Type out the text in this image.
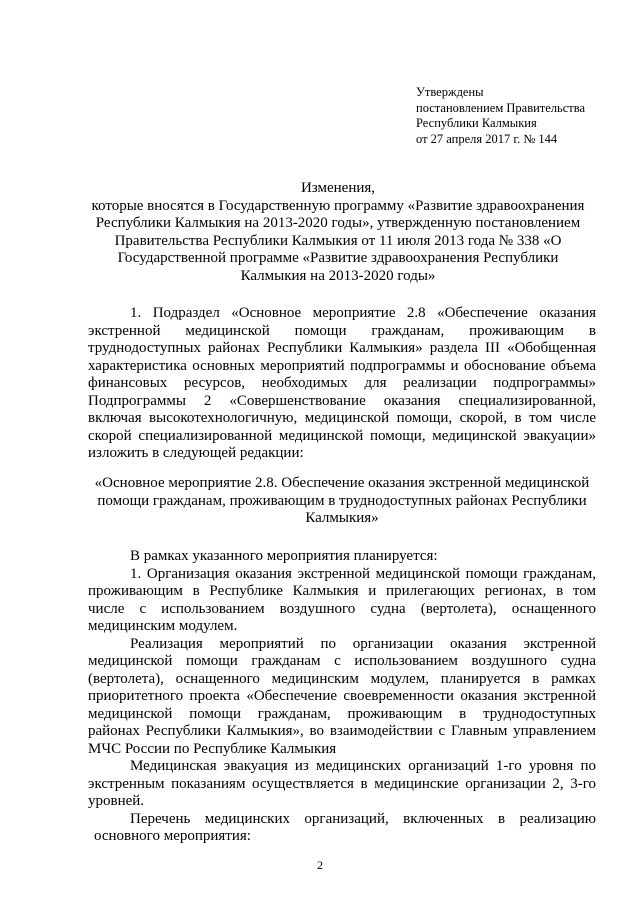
Утверждены
постановлением Правительства
Республики Калмыкия
от 27 апреля 2017 г. № 144
Изменения,
которые вносятся в Государственную программу «Развитие здравоохранения
Республики Калмыкия на 2013-2020 годы», утвержденную постановлением
Правительства Республики Калмыкия от 11 июля 2013 года № 338 «О
Государственной программе «Развитие здравоохранения Республики
Калмыкия на 2013-2020 годы»
1. Подраздел «Основное мероприятие 2.8 «Обеспечение оказания
экстренной медицинской помощи гражданам, проживающим в
труднодоступных районах Республики Калмыкия» раздела III «Обобщенная
характеристика основных мероприятий подпрограммы и обоснование объема
финансовых ресурсов, необходимых для реализации подпрограммы»
Подпрограммы 2 «Совершенствование оказания специализированной,
включая высокотехнологичную, медицинской помощи, скорой, в том числе
скорой специализированной медицинской помощи, медицинской эвакуации»
изложить в следующей редакции:
«Основное мероприятие 2.8. Обеспечение оказания экстренной медицинской
помощи гражданам, проживающим в труднодоступных районах Республики
Калмыкия»
В рамках указанного мероприятия планируется:
1. Организация оказания экстренной медицинской помощи гражданам,
проживающим в Республике Калмыкия и прилегающих регионах, в том
числе с использованием воздушного судна (вертолета), оснащенного
медицинским модулем.
Реализация мероприятий по организации оказания экстренной
медицинской помощи гражданам с использованием воздушного судна
(вертолета), оснащенного медицинским модулем, планируется в рамках
приоритетного проекта «Обеспечение своевременности оказания экстренной
медицинской помощи гражданам, проживающим в труднодоступных
районах Республики Калмыкия», во взаимодействии с Главным управлением
МЧС России по Республике Калмыкия
Медицинская эвакуация из медицинских организаций 1-го уровня по
экстренным показаниям осуществляется в медицинские организации 2, 3-го
уровней.
Перечень медицинских организаций, включенных в реализацию
основного мероприятия:
2
